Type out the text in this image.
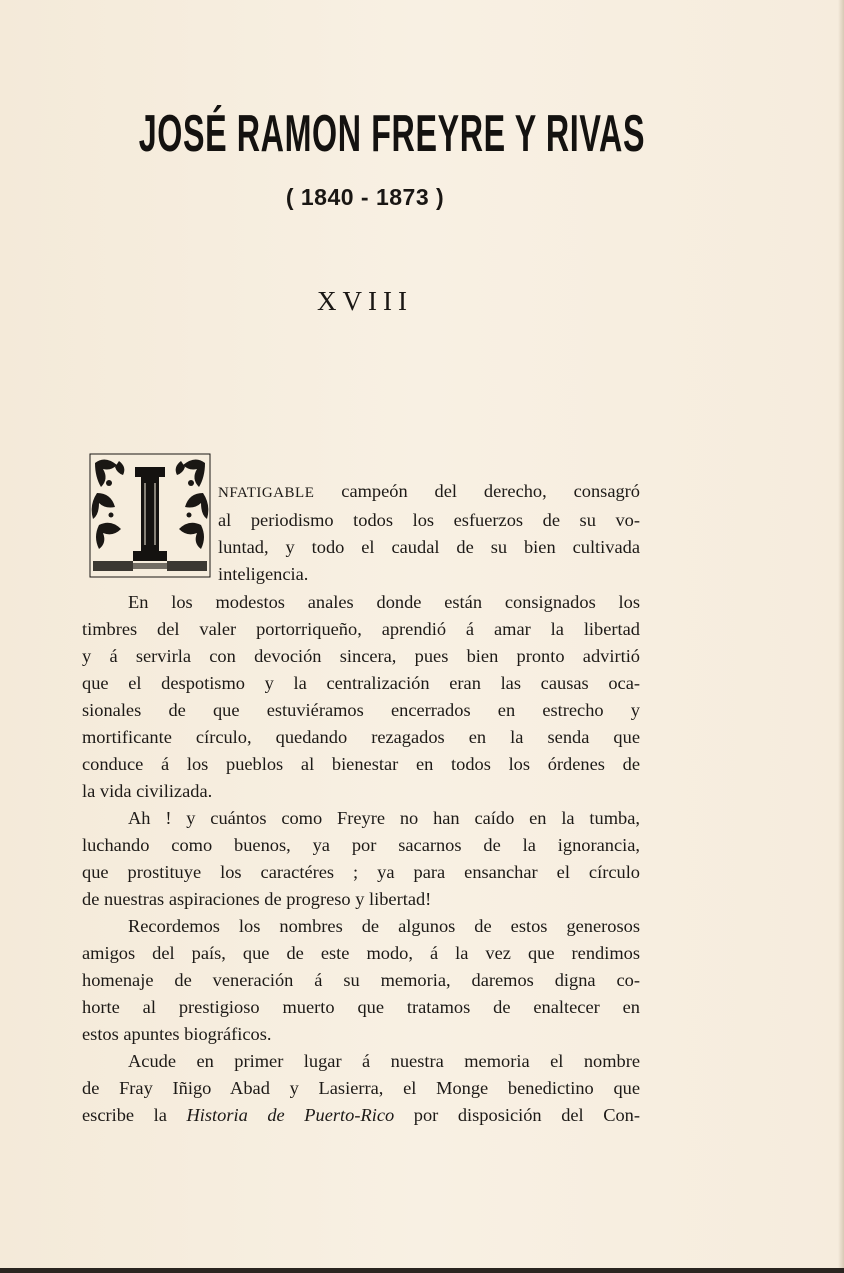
JOSÉ RAMON FREYRE Y RIVAS
( 1840 - 1873 )
XVIII
NFATIGABLE campeón del derecho, consagró
al periodismo todos los esfuerzos de su vo-
luntad, y todo el caudal de su bien cultivada
inteligencia.
En los modestos anales donde están consignados los
timbres del valer portorriqueño, aprendió á amar la libertad
y á servirla con devoción sincera, pues bien pronto advirtió
que el despotismo y la centralización eran las causas oca-
sionales de que estuviéramos encerrados en estrecho y
mortificante círculo, quedando rezagados en la senda que
conduce á los pueblos al bienestar en todos los órdenes de
la vida civilizada.
Ah ! y cuántos como Freyre no han caído en la tumba,
luchando como buenos, ya por sacarnos de la ignorancia,
que prostituye los caractéres ; ya para ensanchar el círculo
de nuestras aspiraciones de progreso y libertad!
Recordemos los nombres de algunos de estos generosos
amigos del país, que de este modo, á la vez que rendimos
homenaje de veneración á su memoria, daremos digna co-
horte al prestigioso muerto que tratamos de enaltecer en
estos apuntes biográficos.
Acude en primer lugar á nuestra memoria el nombre
de Fray Iñigo Abad y Lasierra, el Monge benedictino que
escribe la Historia de Puerto-Rico por disposición del Con-
